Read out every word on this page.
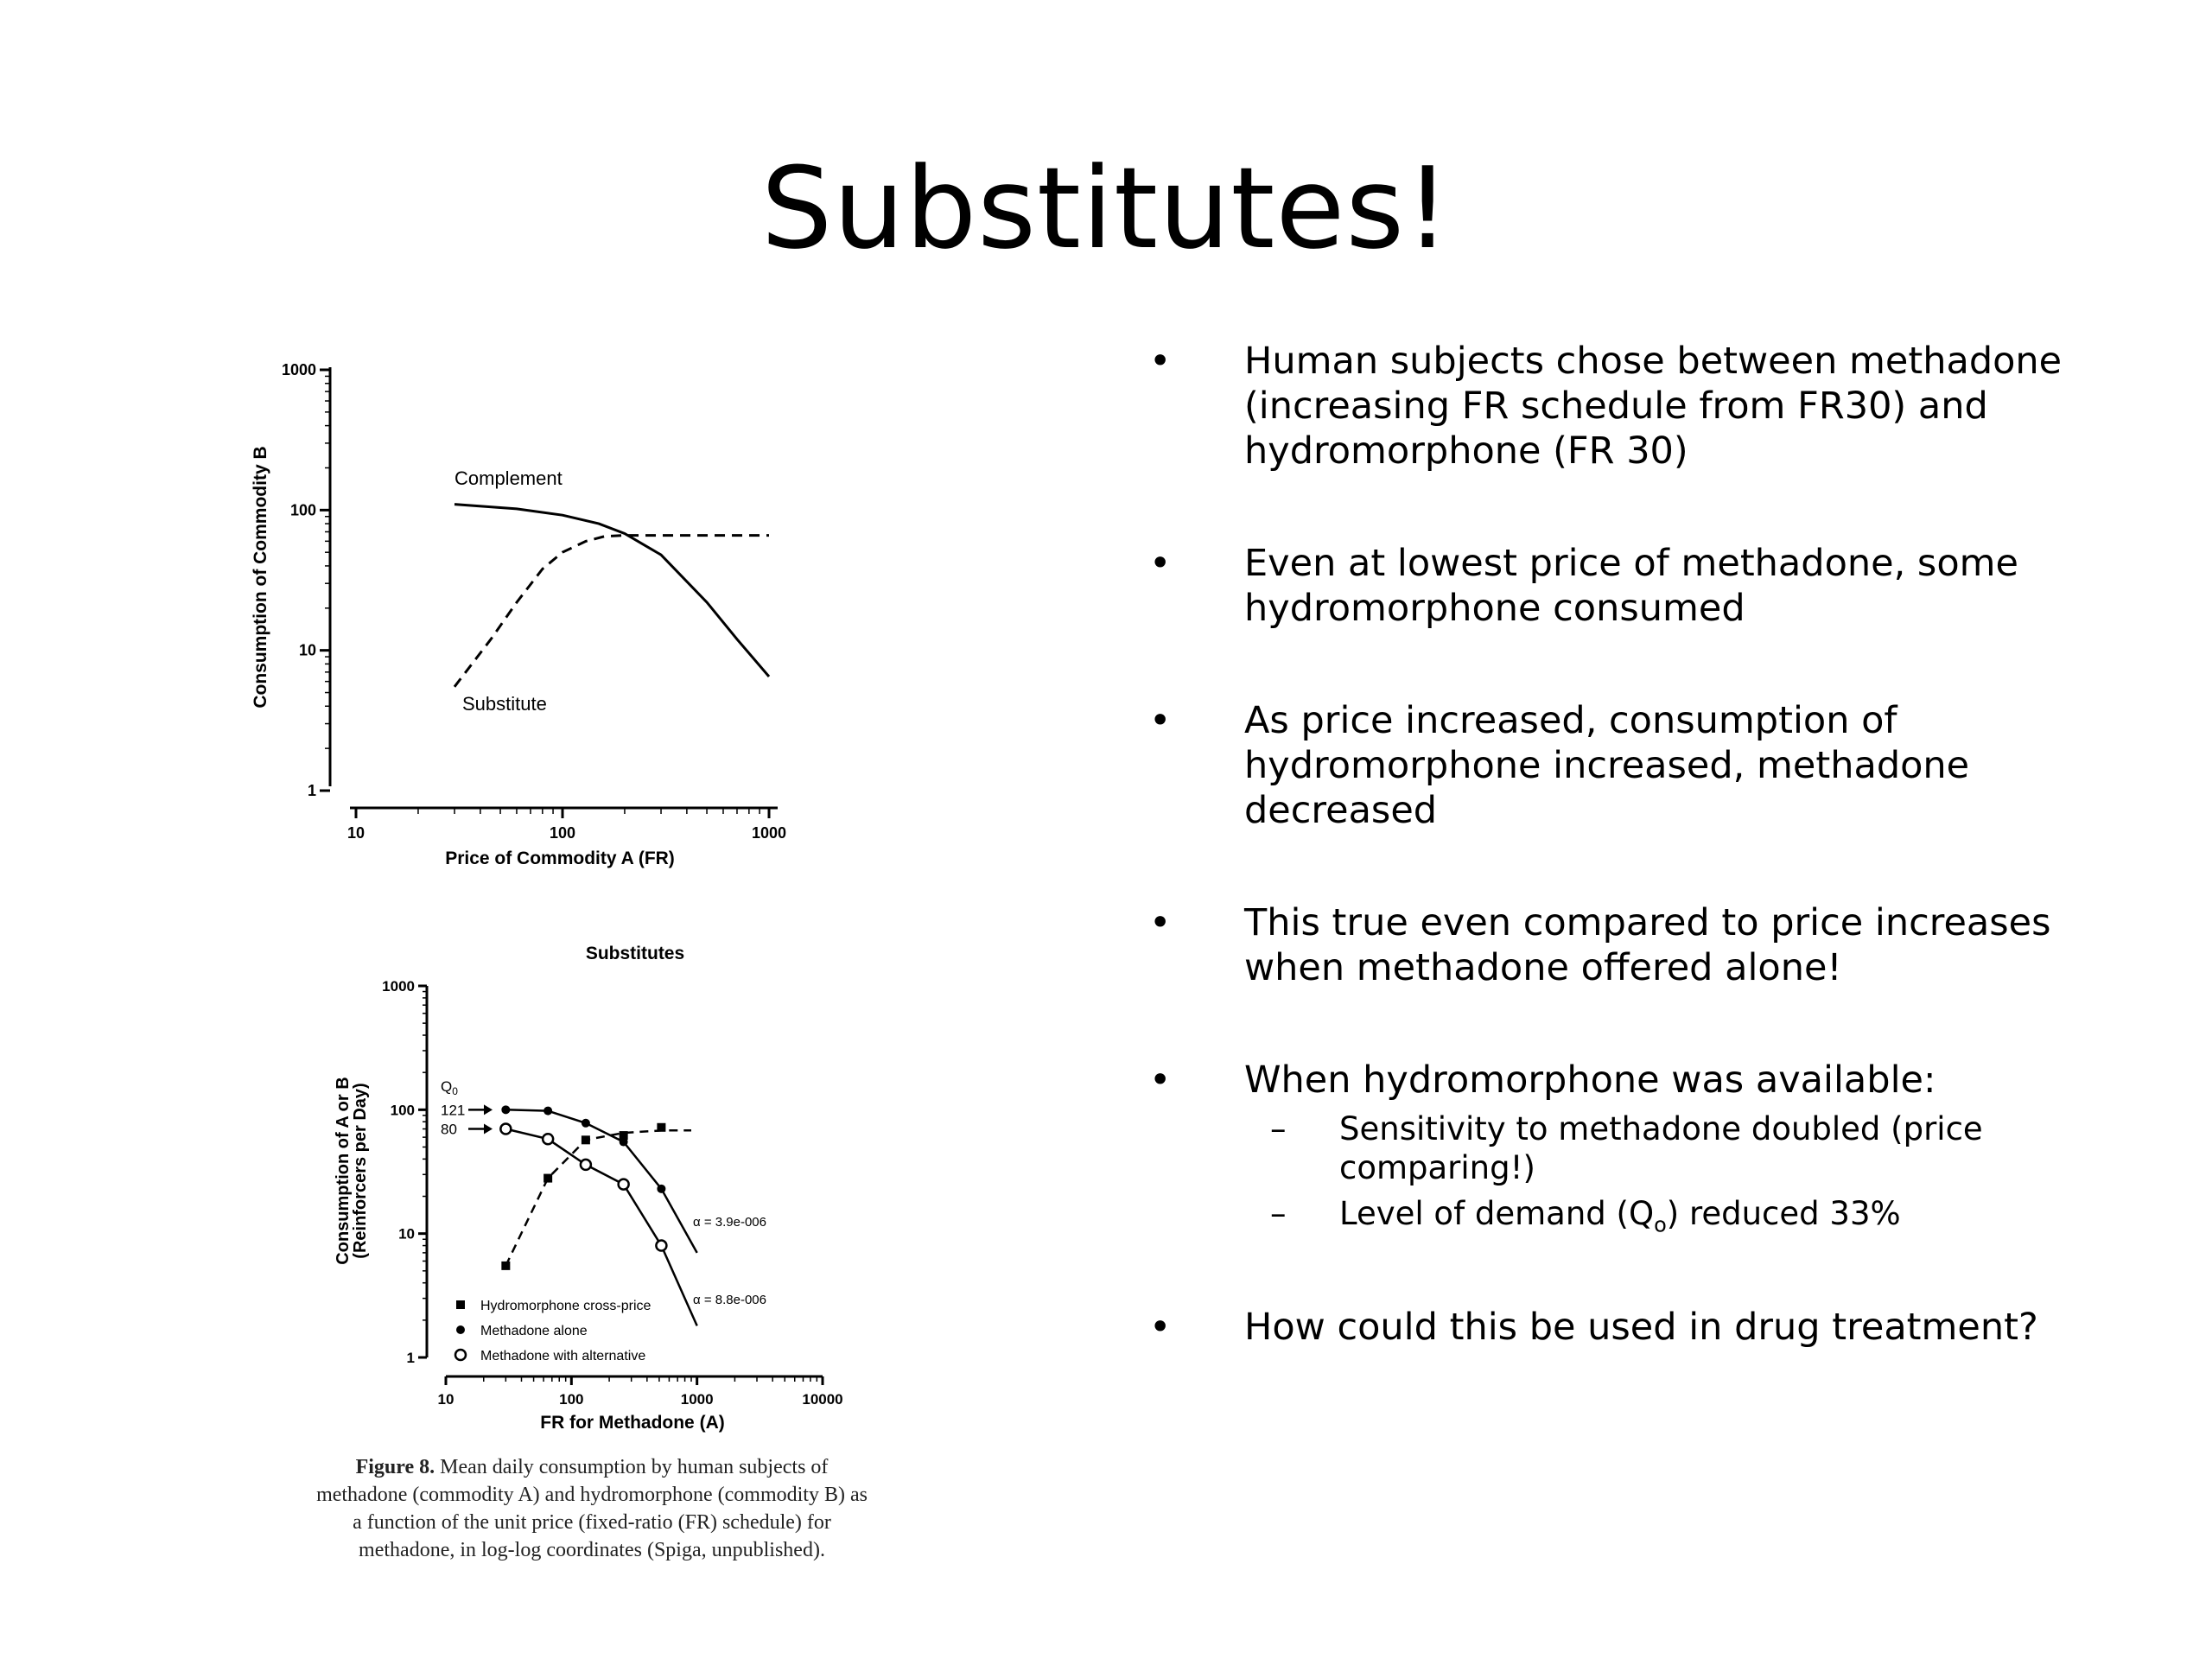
Substitutes!
1
10
100
1000
10	100	1000
Price of Commodity A (FR)
Consumption of Commodity B	Complement
Substitute
Substitutes
1
10
100
1000
10	100	1000	10000
$Q_0$
121
80
α = 3.9e-006
α = 8.8e-006
Hydromorphone cross-price
Methadone alone
Methadone with alternative
FR for Methadone (A)
Consumption of A or B
(Reinforcers per Day)
Figure 8. Mean daily consumption by human subjects of methadone (commodity A) and hydromorphone (commodity B) as a function of the unit price (fixed-ratio (FR) schedule) for methadone, in log-log coordinates (Spiga, unpublished).
• Human subjects chose between methadone (increasing FR schedule from FR30) and hydromorphone (FR 30)
• Even at lowest price of methadone, some hydromorphone consumed
• As price increased, consumption of hydromorphone increased, methadone decreased
• This true even compared to price increases when methadone offered alone!
• When hydromorphone was available:
– Sensitivity to methadone doubled (price comparing!)
– Level of demand $(Q_o)$ reduced 33%
• How could this be used in drug treatment?
